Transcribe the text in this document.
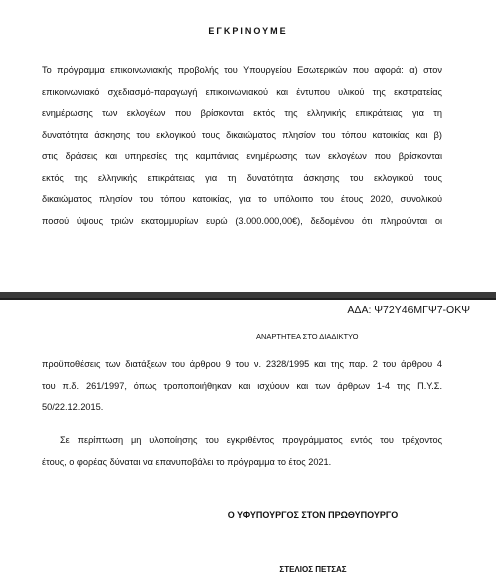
ΕΓΚΡΙΝΟΥΜΕ
Το πρόγραμμα επικοινωνιακής προβολής του Υπουργείου Εσωτερικών που αφορά: α) στον
επικοινωνιακό σχεδιασμό-παραγωγή επικοινωνιακού και έντυπου υλικού της εκστρατείας
ενημέρωσης των εκλογέων που βρίσκονται εκτός της ελληνικής επικράτειας για τη
δυνατότητα άσκησης του εκλογικού τους δικαιώματος πλησίον του τόπου κατοικίας και β)
στις δράσεις και υπηρεσίες της καμπάνιας ενημέρωσης των εκλογέων που βρίσκονται
εκτός της ελληνικής επικράτειας για τη δυνατότητα άσκησης του εκλογικού τους
δικαιώματος πλησίον του τόπου κατοικίας, για το υπόλοιπο του έτους 2020, συνολικού
ποσού ύψους τριών εκατομμυρίων ευρώ (3.000.000,00€), δεδομένου ότι πληρούνται οι
ΑΔΑ: Ψ72Υ46ΜΓΨ7-ΟΚΨ
ΑΝΑΡΤΗΤΕΑ ΣΤΟ ΔΙΑΔΙΚΤΥΟ
προϋποθέσεις των διατάξεων του άρθρου 9 του ν. 2328/1995 και της παρ. 2 του άρθρου 4
του π.δ. 261/1997, όπως τροποποιήθηκαν και ισχύουν και των άρθρων 1-4 της Π.Υ.Σ.
50/22.12.2015.
Σε περίπτωση μη υλοποίησης του εγκριθέντος προγράμματος εντός του τρέχοντος
έτους, ο φορέας δύναται να επανυποβάλει το πρόγραμμα το έτος 2021.
Ο ΥΦΥΠΟΥΡΓΟΣ ΣΤΟΝ ΠΡΩΘΥΠΟΥΡΓΟ
ΣΤΕΛΙΟΣ ΠΕΤΣΑΣ
